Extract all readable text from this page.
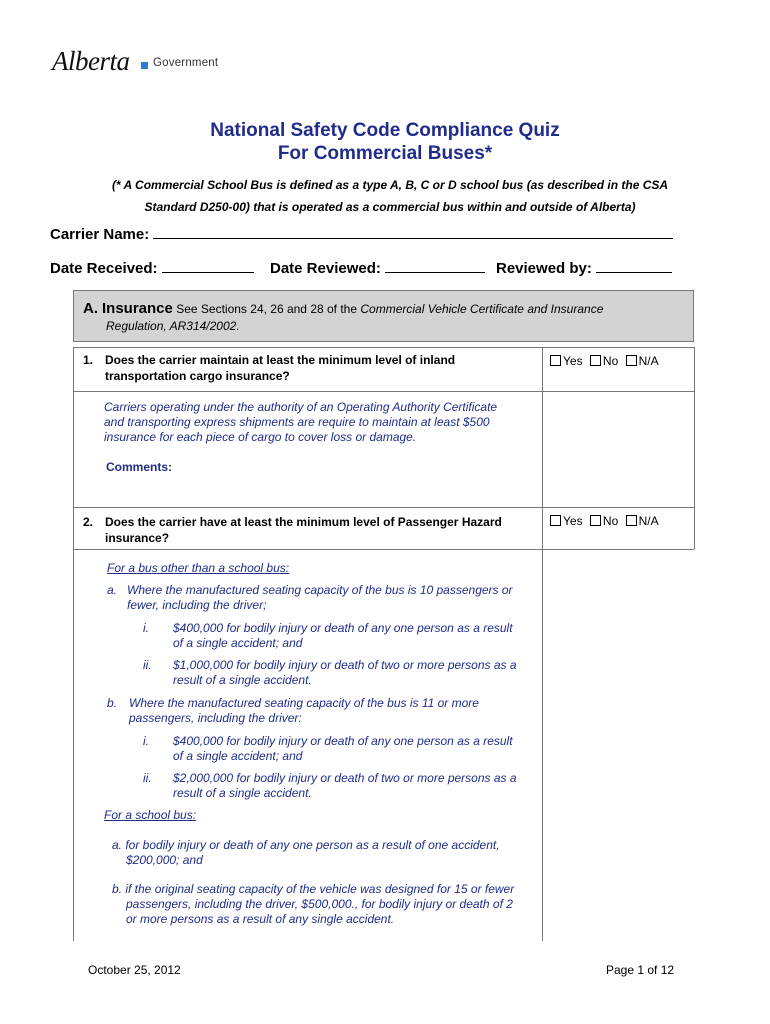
Alberta Government
National Safety Code Compliance Quiz
For Commercial Buses*
(* A Commercial School Bus is defined as a type A, B, C or D school bus (as described in the CSA
Standard D250-00) that is operated as a commercial bus within and outside of Alberta)
Carrier Name:
Date Received:	Date Reviewed:	Reviewed by:
A. Insurance See Sections 24, 26 and 28 of the Commercial Vehicle Certificate and Insurance
Regulation, AR314/2002.
1. Does the carrier maintain at least the minimum level of inland transportation cargo insurance?
Yes No N/A
Carriers operating under the authority of an Operating Authority Certificate
and transporting express shipments are require to maintain at least $500
insurance for each piece of cargo to cover loss or damage.
Comments:
2. Does the carrier have at least the minimum level of Passenger Hazard insurance?
Yes No N/A
For a bus other than a school bus:
a. Where the manufactured seating capacity of the bus is 10 passengers or
fewer, including the driver;
i. $400,000 for bodily injury or death of any one person as a result
of a single accident; and
ii. $1,000,000 for bodily injury or death of two or more persons as a
result of a single accident.
b. Where the manufactured seating capacity of the bus is 11 or more
passengers, including the driver:
i. $400,000 for bodily injury or death of any one person as a result
of a single accident; and
ii. $2,000,000 for bodily injury or death of two or more persons as a
result of a single accident.
For a school bus:
a. for bodily injury or death of any one person as a result of one accident,
$200,000; and
b. if the original seating capacity of the vehicle was designed for 15 or fewer
passengers, including the driver, $500,000., for bodily injury or death of 2
or more persons as a result of any single accident.
October 25, 2012	Page 1 of 12
